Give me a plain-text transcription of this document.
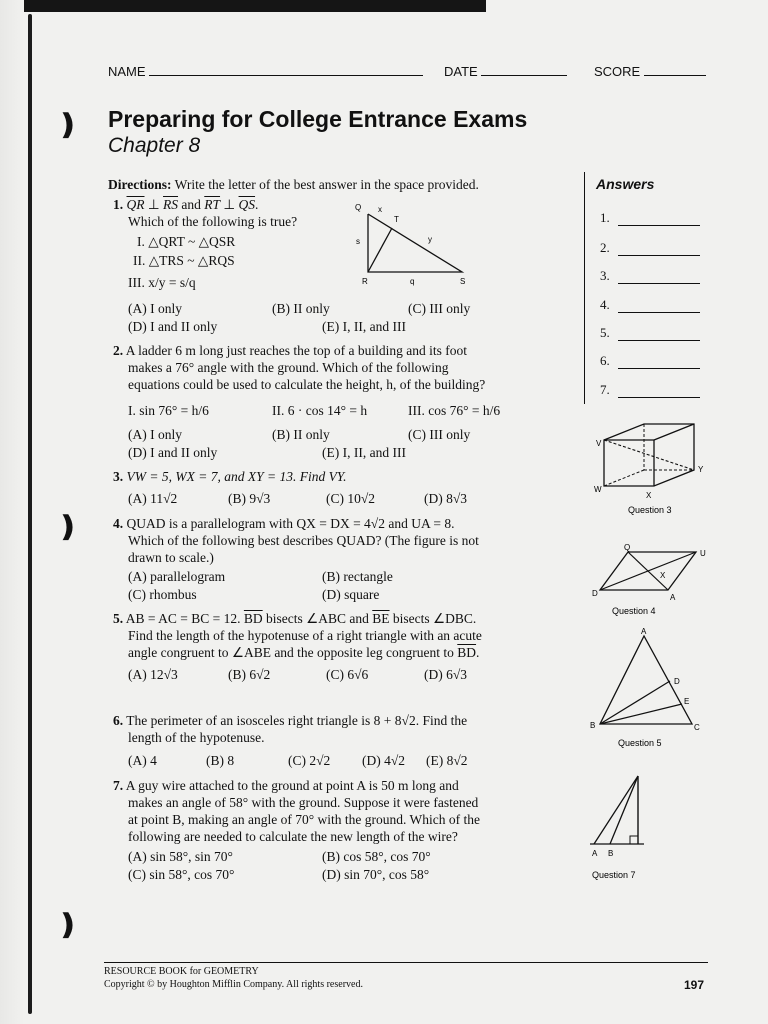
❫
❫
❫
NAME	DATE	SCORE
Preparing for College Entrance Exams
Chapter 8
Directions: Write the letter of the best answer in the space provided.	Answers
1.
2.
3.
4.
5.
6.
7.
1. $\overline{QR}$ ⊥ $\overline{RS}$ and $\overline{RT}$ ⊥ $\overline{QS}$.
Which of the following is true?
I. △QRT ~ △QSR
II. △TRS ~ △RQS
III. x/y = s/q
(A) I only	(B) II only	(C) III only
(D) I and II only	(E) I, II, and III
Q x
T
s	y
R	q	S
2. A ladder 6 m long just reaches the top of a building and its foot
makes a 76° angle with the ground. Which of the following
equations could be used to calculate the height, h, of the building?
I. sin 76° = h/6	II. 6 · cos 14° = h	III. cos 76° = h/6
(A) I only	(B) II only	(C) III only
(D) I and II only	(E) I, II, and III
3. VW = 5, WX = 7, and XY = 13. Find VY.
(A) 11√2	(B) 9√3	(C) 10√2	(D) 8√3
V
Y
W
X
Question 3
4. QUAD is a parallelogram with QX = DX = 4√2 and UA = 8.
Which of the following best describes QUAD? (The figure is not
drawn to scale.)
(A) parallelogram	(B) rectangle
(C) rhombus	(D) square
Q
U
X
D	A
Question 4
5. AB = AC = BC = 12. $\overline{BD}$ bisects ∠ABC and $\overline{BE}$ bisects ∠DBC.
Find the length of the hypotenuse of a right triangle with an acute
angle congruent to ∠ABE and the opposite leg congruent to $\overline{BD}$.
(A) 12√3	(B) 6√2	(C) 6√6	(D) 6√3
A
D
E
B	C
Question 5
6. The perimeter of an isosceles right triangle is 8 + 8√2. Find the
length of the hypotenuse.
(A) 4	(B) 8	(C) 2√2 (D) 4√2 (E) 8√2
7. A guy wire attached to the ground at point A is 50 m long and
makes an angle of 58° with the ground. Suppose it were fastened
at point B, making an angle of 70° with the ground. Which of the
following are needed to calculate the new length of the wire?
(A) sin 58°, sin 70°	(B) cos 58°, cos 70°
(C) sin 58°, cos 70°	(D) sin 70°, cos 58°
A B
Question 7
RESOURCE BOOK for GEOMETRY
Copyright © by Houghton Mifflin Company. All rights reserved.	197
